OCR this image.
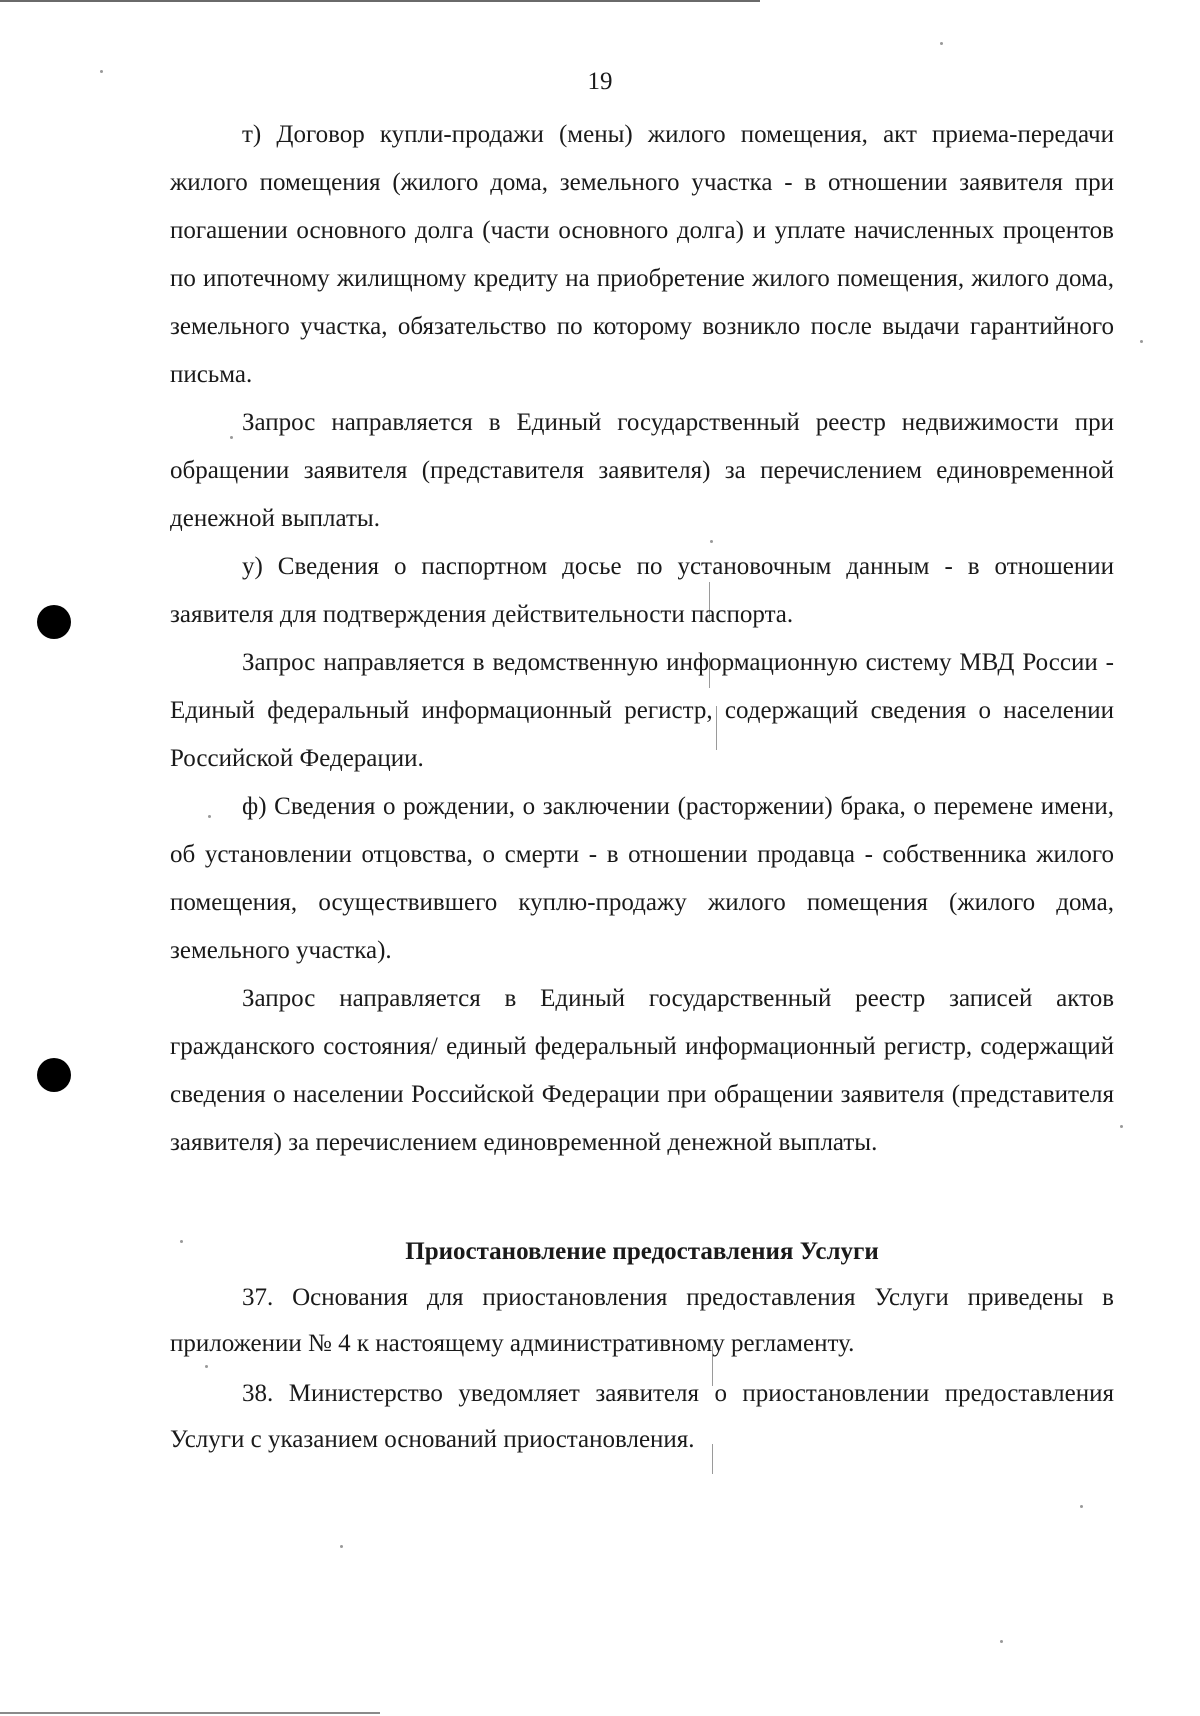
19

т) Договор купли-продажи (мены) жилого помещения, акт приема-передачи жилого помещения (жилого дома, земельного участка - в отношении заявителя при погашении основного долга (части основного долга) и уплате начисленных процентов по ипотечному жилищному кредиту на приобретение жилого помещения, жилого дома, земельного участка, обязательство по которому возникло после выдачи гарантийного письма.

Запрос направляется в Единый государственный реестр недвижимости при обращении заявителя (представителя заявителя) за перечислением единовременной денежной выплаты.

у) Сведения о паспортном досье по установочным данным - в отношении заявителя для подтверждения действительности паспорта.

Запрос направляется в ведомственную информационную систему МВД России - Единый федеральный информационный регистр, содержащий сведения о населении Российской Федерации.

ф) Сведения о рождении, о заключении (расторжении) брака, о перемене имени, об установлении отцовства, о смерти - в отношении продавца - собственника жилого помещения, осуществившего куплю-продажу жилого помещения (жилого дома, земельного участка).

Запрос направляется в Единый государственный реестр записей актов гражданского состояния/ единый федеральный информационный регистр, содержащий сведения о населении Российской Федерации при обращении заявителя (представителя заявителя) за перечислением единовременной денежной выплаты.

Приостановление предоставления Услуги

37. Основания для приостановления предоставления Услуги приведены в приложении № 4 к настоящему административному регламенту.

38. Министерство уведомляет заявителя о приостановлении предоставления Услуги с указанием оснований приостановления.
